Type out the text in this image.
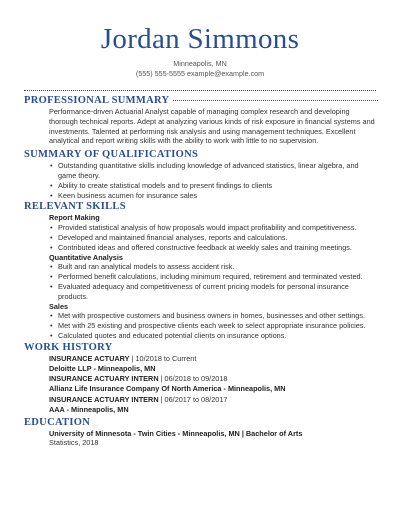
Jordan Simmons
Minneapolis, MN
(555) 555-5555 example@example.com
PROFESSIONAL SUMMARY
Performance-driven Actuarial Analyst capable of managing complex research and developing thorough technical reports. Adept at analyzing various kinds of risk exposure in financial systems and investments. Talented at performing risk analysis and using management techniques. Excellent analytical and report writing skills with the ability to work with little to no supervision.
SUMMARY OF QUALIFICATIONS
• Outstanding quantitative skills including knowledge of advanced statistics, linear algebra, and game theory.
• Ability to create statistical models and to present findings to clients
• Keen business acumen for insurance sales
RELEVANT SKILLS
Report Making
• Provided statistical analysis of how proposals would impact profitability and competitiveness.
• Developed and maintained financial analyses, reports and calculations.
• Contributed ideas and offered constructive feedback at weekly sales and training meetings.
Quantitative Analysis
• Built and ran analytical models to assess accident risk.
• Performed benefit calculations, including minimum required, retirement and terminated vested.
• Evaluated adequacy and competitiveness of current pricing models for personal insurance products.
Sales
• Met with prospective customers and business owners in homes, businesses and other settings.
• Met with 25 existing and prospective clients each week to select appropriate insurance policies.
• Calculated quotes and educated potential clients on insurance options.
WORK HISTORY
INSURANCE ACTUARY | 10/2018 to Current
Deloitte LLP - Minneapolis, MN
INSURANCE ACTUARY INTERN | 06/2018 to 09/2018
Allianz Life Insurance Company Of North America - Minneapolis, MN
INSURANCE ACTUARY INTERN | 06/2017 to 08/2017
AAA - Minneapolis, MN
EDUCATION
University of Minnesota - Twin Cities - Minneapolis, MN | Bachelor of Arts
Statistics, 2018
